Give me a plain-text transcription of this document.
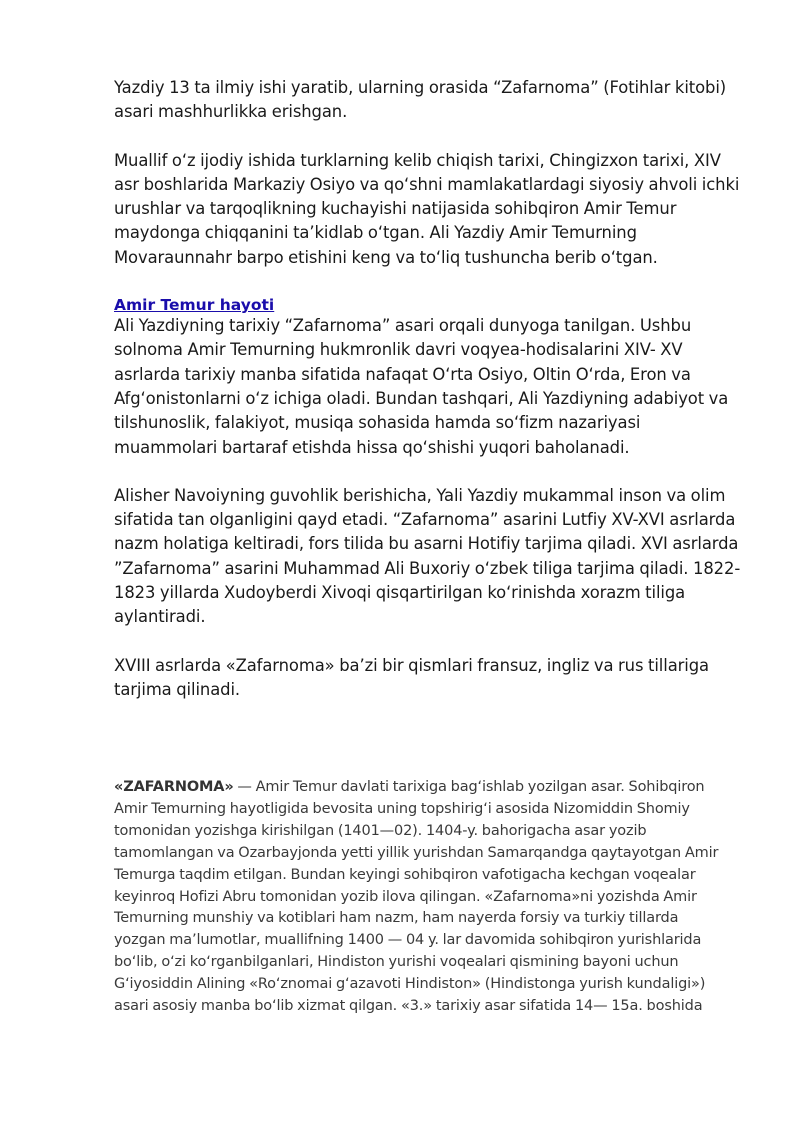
Yazdiy 13 ta ilmiy ishi yaratib, ularning orasida “Zafarnoma” (Fotihlar kitobi) asari mashhurlikka erishgan.

Muallif o‘z ijodiy ishida turklarning kelib chiqish tarixi, Chingizxon tarixi, XIV asr boshlarida Markaziy Osiyo va qo‘shni mamlakatlardagi siyosiy ahvoli ichki urushlar va tarqoqlikning kuchayishi natijasida sohibqiron Amir Temur maydonga chiqqanini ta’kidlab o‘tgan. Ali Yazdiy Amir Temurning Movaraunnahr barpo etishini keng va to‘liq tushuncha berib o‘tgan.

Amir Temur hayoti

Ali Yazdiyning tarixiy “Zafarnoma” asari orqali dunyoga tanilgan. Ushbu solnoma Amir Temurning hukmronlik davri voqyea-hodisalarini XIV- XV asrlarda tarixiy manba sifatida nafaqat O‘rta Osiyo, Oltin O‘rda, Eron va Afg‘onistonlarni o‘z ichiga oladi. Bundan tashqari, Ali Yazdiyning adabiyot va tilshunoslik, falakiyot, musiqa sohasida hamda so‘fizm nazariyasi muammolari bartaraf etishda hissa qo‘shishi yuqori baholanadi.

Alisher Navoiyning guvohlik berishicha, Yali Yazdiy mukammal inson va olim sifatida tan olganligini qayd etadi. “Zafarnoma” asarini Lutfiy XV-XVI asrlarda nazm holatiga keltiradi, fors tilida bu asarni Hotifiy tarjima qiladi. XVI asrlarda ”Zafarnoma” asarini Muhammad Ali Buxoriy o‘zbek tiliga tarjima qiladi. 1822-1823 yillarda Xudoyberdi Xivoqi qisqartirilgan ko‘rinishda xorazm tiliga aylantiradi.

XVIII asrlarda «Zafarnoma» ba’zi bir qismlari fransuz, ingliz va rus tillariga tarjima qilinadi.

«ZAFARNOMA» — Amir Temur davlati tarixiga bag‘ishlab yozilgan asar. Sohibqiron Amir Temurning hayotligida bevosita uning topshirig‘i asosida Nizomiddin Shomiy tomonidan yozishga kirishilgan (1401—02). 1404-y. bahorigacha asar yozib tamomlangan va Ozarbayjonda yetti yillik yurishdan Samarqandga qaytayotgan Amir Temurga taqdim etilgan. Bundan keyingi sohibqiron vafotigacha kechgan voqealar keyinroq Hofizi Abru tomonidan yozib ilova qilingan. «Zafarnoma»ni yozishda Amir Temurning munshiy va kotiblari ham nazm, ham nayerda forsiy va turkiy tillarda yozgan ma’lumotlar, muallifning 1400 — 04 y. lar davomida sohibqiron yurishlarida bo‘lib, o‘zi ko‘rganbilganlari, Hindiston yurishi voqealari qismining bayoni uchun G‘iyosiddin Alining «Ro‘znomai g‘azavoti Hindiston» (Hindistonga yurish kundaligi») asari asosiy manba bo‘lib xizmat qilgan. «3.» tarixiy asar sifatida 14— 15a. boshida
